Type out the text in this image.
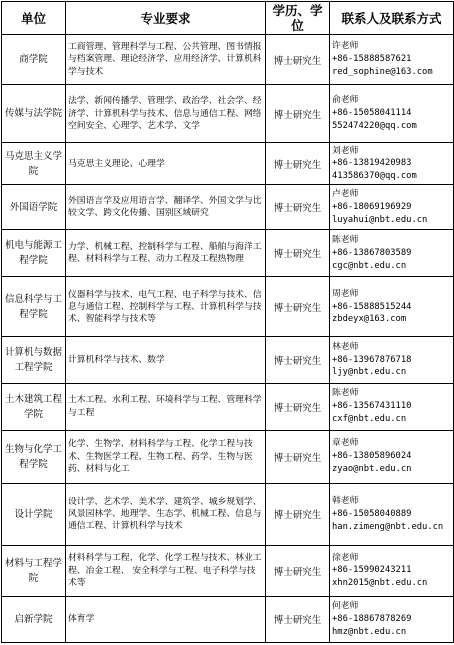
单位	专业要求	学历、学位	联系人及联系方式
商学院	工商管理、管理科学与工程、公共管理、图书情报与档案管理、理论经济学、应用经济学、计算机科学与技术	博士研究生	许老师
+86-15888587621
red_sophine@163.com

传媒与法学院	法学、新闻传播学、管理学、政治学、社会学、经济学、计算机科学与技术、信息与通信工程、网络空间安全、心理学、艺术学、文学	博士研究生	俞老师
+86-15058041114
552474220@qq.com

马克思主义学院	马克思主义理论、心理学	博士研究生	刘老师
+86-13819420983
413586370@qq.com

外国语学院	外国语言学及应用语言学、翻译学、外国文学与比较文学、跨文化传播、国别区域研究	博士研究生	卢老师
+86-18069196929
luyahui@nbt.edu.cn

机电与能源工程学院	力学、机械工程、控制科学与工程、船舶与海洋工程、材料科学与工程、动力工程及工程热物理	博士研究生	陈老师
+86-13867803589
cgc@nbt.edu.cn

信息科学与工程学院	仪器科学与技术、电气工程、电子科学与技术、信息与通信工程、控制科学与工程、计算机科学与技术、智能科学与技术等	博士研究生	周老师
+86-15888515244
zbdeyx@163.com

计算机与数据工程学院	计算机科学与技术、数学	博士研究生	林老师
+86-13967876718
ljy@nbt.edu.cn

土木建筑工程学院	土木工程、水利工程、环境科学与工程、管理科学与工程	博士研究生	陈老师
+86-13567431110
cxf@nbt.edu.cn

生物与化学工程学院	化学、生物学、材料科学与工程、化学工程与技术、生物医学工程、生物工程、药学、生物与医药、材料与化工	博士研究生	章老师
+86-13805896024
zyao@nbt.edu.cn

设计学院	设计学、艺术学、美术学、建筑学、城乡规划学、风景园林学、地理学、生态学、机械工程、信息与通信工程、计算机科学与技术	博士研究生	韩老师
+86-15058040889
han.zimeng@nbt.edu.cn

材料与工程学院	材料科学与工程、化学、化学工程与技术、林业工程、冶金工程、 安全科学与工程、电子科学与技术等	博士研究生	徐老师
+86-15990243211
xhn2015@nbt.edu.cn

启新学院	体育学	博士研究生	何老师
+86-18867878269
hmz@nbt.edu.cn
